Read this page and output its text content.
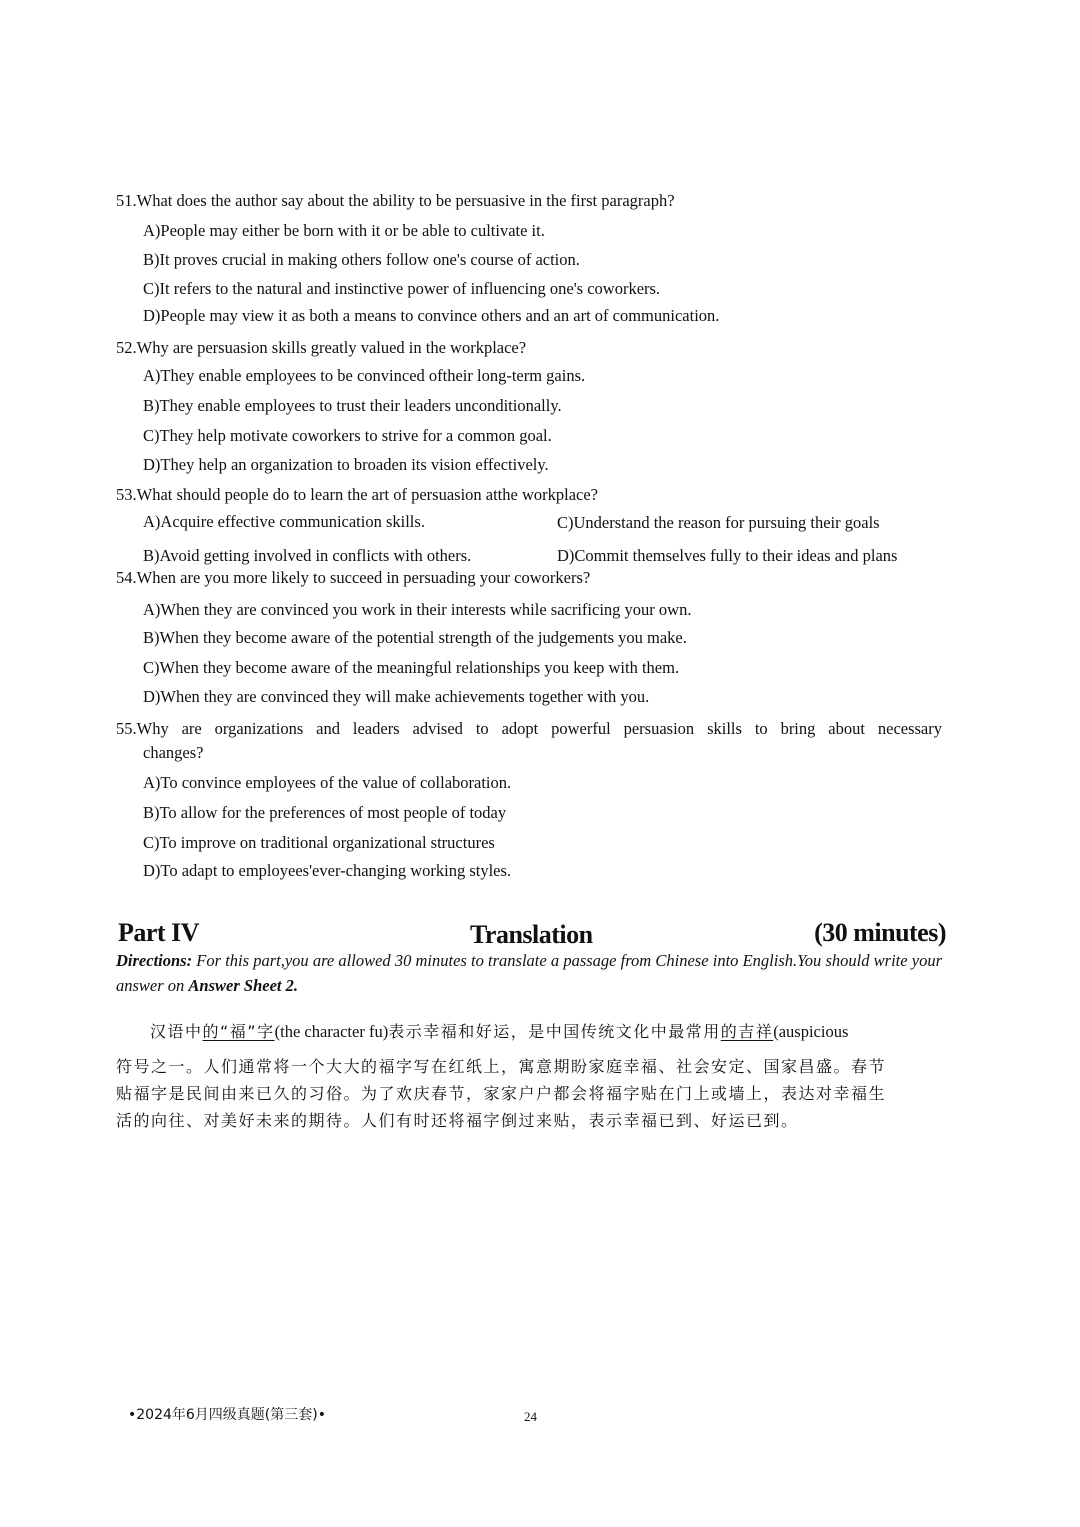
51.What does the author say about the ability to be persuasive in the first paragraph?
A)People may either be born with it or be able to cultivate it.
B)It proves crucial in making others follow one's course of action.
C)It refers to the natural and instinctive power of influencing one's coworkers.
D)People may view it as both a means to convince others and an art of communication.
52.Why are persuasion skills greatly valued in the workplace?
A)They enable employees to be convinced oftheir long-term gains.
B)They enable employees to trust their leaders unconditionally.
C)They help motivate coworkers to strive for a common goal.
D)They help an organization to broaden its vision effectively.
53.What should people do to learn the art of persuasion atthe workplace?
A)Acquire effective communication skills.	C)Understand the reason for pursuing their goals
B)Avoid getting involved in conflicts with others.	D)Commit themselves fully to their ideas and plans
54.When are you more likely to succeed in persuading your coworkers?
A)When they are convinced you work in their interests while sacrificing your own.
B)When they become aware of the potential strength of the judgements you make.
C)When they become aware of the meaningful relationships you keep with them.
D)When they are convinced they will make achievements together with you.
55.Why are organizations and leaders advised to adopt powerful persuasion skills to bring about necessary
changes?
A)To convince employees of the value of collaboration.
B)To allow for the preferences of most people of today
C)To improve on traditional organizational structures
D)To adapt to employees'ever-changing working styles.
Part IV	Translation	(30 minutes)
Directions: For this part,you are allowed 30 minutes to translate a passage from Chinese into English.You should write your answer on Answer Sheet 2.
汉语中的“福”字(the character fu)表示幸福和好运，是中国传统文化中最常用的吉祥(auspicious
符号之一。人们通常将一个大大的福字写在红纸上，寓意期盼家庭幸福、社会安定、国家昌盛。春节
贴福字是民间由来已久的习俗。为了欢庆春节，家家户户都会将福字贴在门上或墙上，表达对幸福生
活的向往、对美好未来的期待。人们有时还将福字倒过来贴，表示幸福已到、好运已到。
•2024年6月四级真题(第三套)•	24
